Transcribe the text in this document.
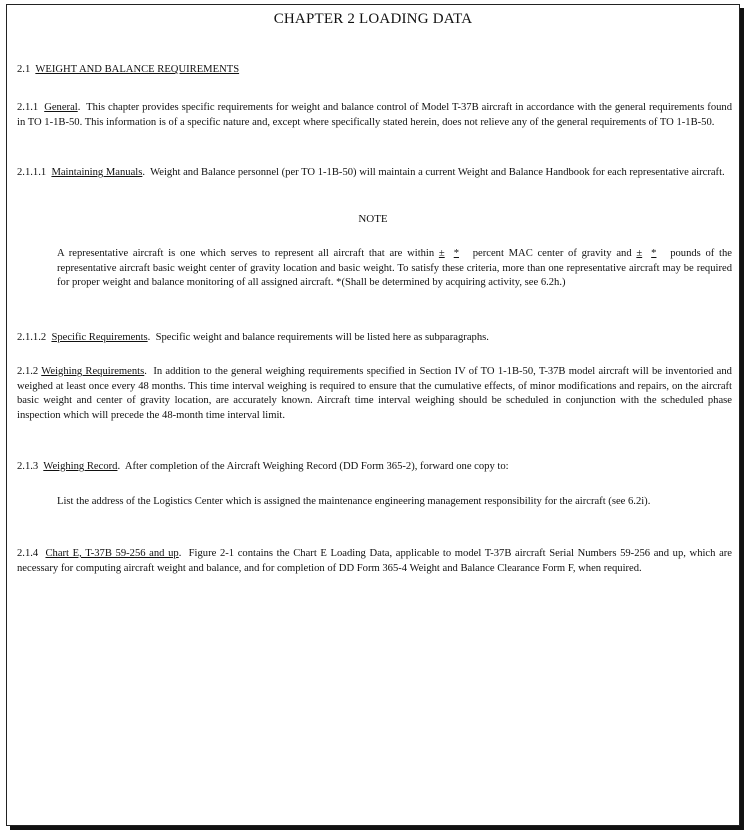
CHAPTER 2 LOADING DATA
2.1 WEIGHT AND BALANCE REQUIREMENTS
2.1.1 General.  This chapter provides specific requirements for weight and balance control of Model T-37B aircraft in accordance with the general requirements found in TO 1-1B-50. This information is of a specific nature and, except where specifically stated herein, does not relieve any of the general requirements of TO 1-1B-50.
2.1.1.1 Maintaining Manuals.  Weight and Balance personnel (per TO 1-1B-50) will maintain a current Weight and Balance Handbook for each representative aircraft.
NOTE
A representative aircraft is one which serves to represent all aircraft that are within ± * percent MAC center of gravity and ± * pounds of the representative aircraft basic weight center of gravity location and basic weight. To satisfy these criteria, more than one representative aircraft may be required for proper weight and balance monitoring of all assigned aircraft. *(Shall be determined by acquiring activity, see 6.2h.)
2.1.1.2 Specific Requirements.  Specific weight and balance requirements will be listed here as subparagraphs.
2.1.2 Weighing Requirements.  In addition to the general weighing requirements specified in Section IV of TO 1-1B-50, T-37B model aircraft will be inventoried and weighed at least once every 48 months. This time interval weighing is required to ensure that the cumulative effects, of minor modifications and repairs, on the aircraft basic weight and center of gravity location, are accurately known. Aircraft time interval weighing should be scheduled in conjunction with the scheduled phase inspection which will precede the 48-month time interval limit.
2.1.3 Weighing Record.  After completion of the Aircraft Weighing Record (DD Form 365-2), forward one copy to:
List the address of the Logistics Center which is assigned the maintenance engineering management responsibility for the aircraft (see 6.2i).
2.1.4 Chart E, T-37B 59-256 and up.  Figure 2-1 contains the Chart E Loading Data, applicable to model T-37B aircraft Serial Numbers 59-256 and up, which are necessary for computing aircraft weight and balance, and for completion of DD Form 365-4 Weight and Balance Clearance Form F, when required.
